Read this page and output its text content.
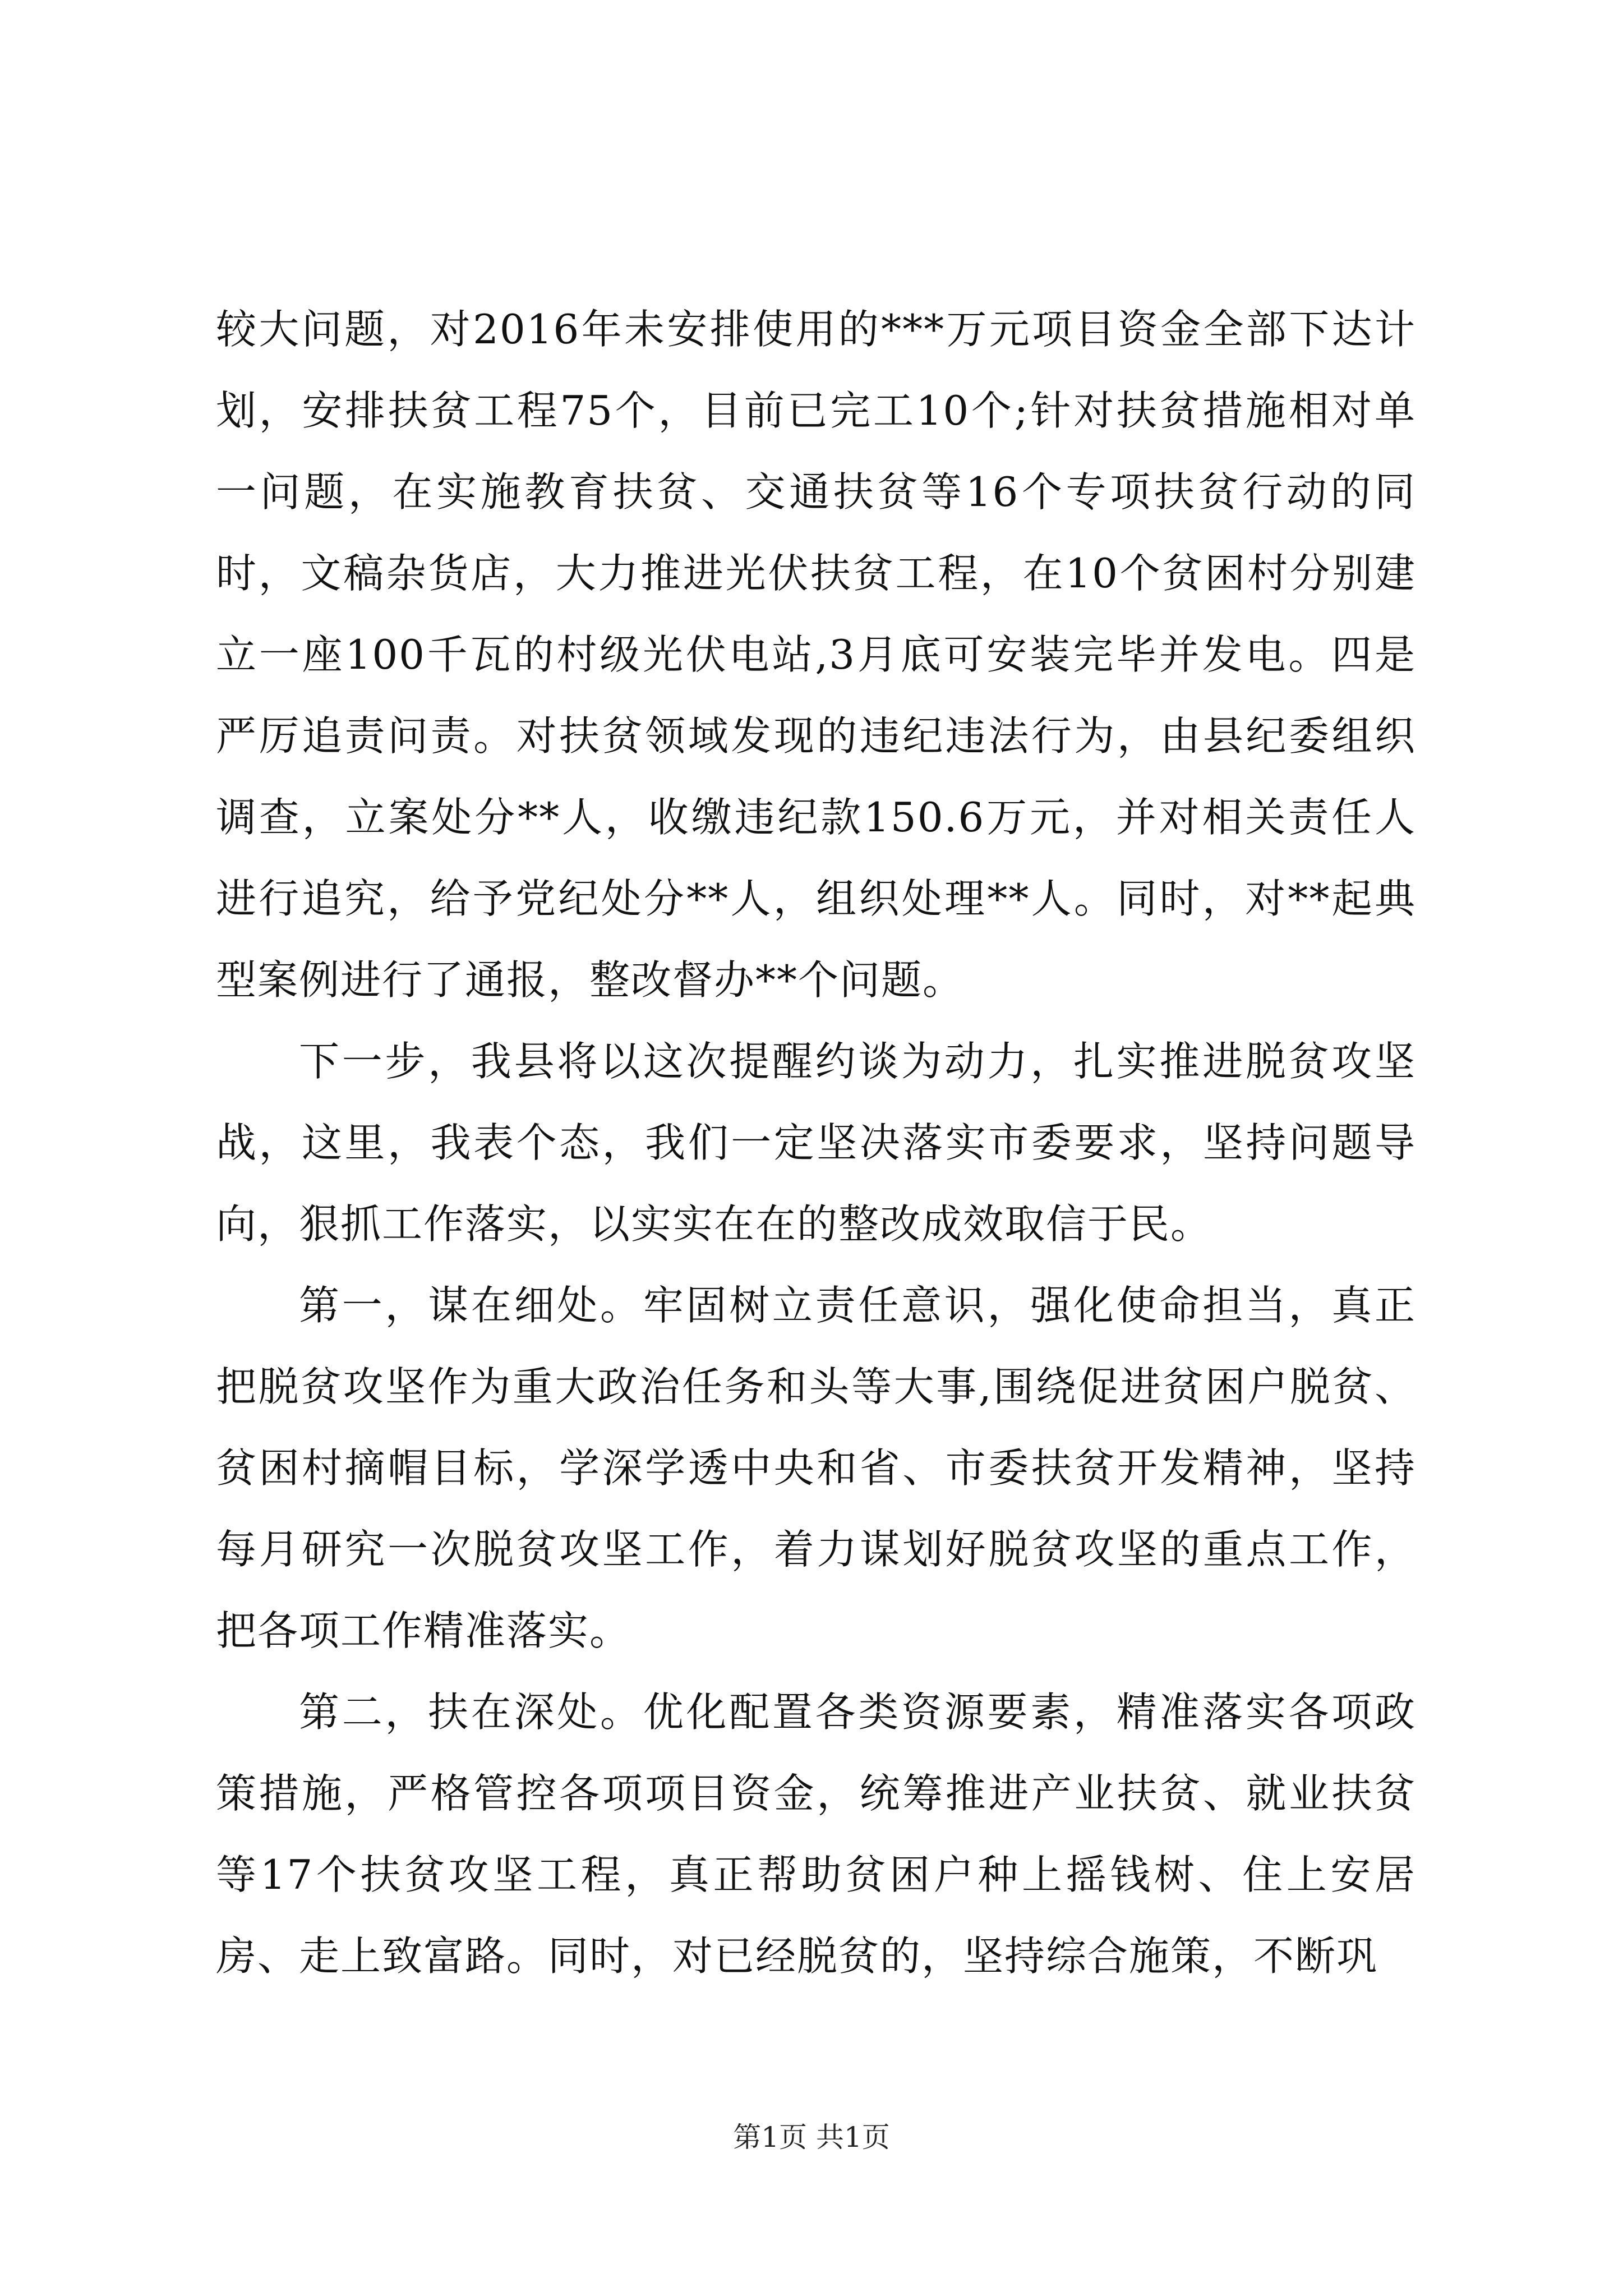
较大问题，对2016年未安排使用的***万元项目资金全部下达计划，安排扶贫工程75个，目前已完工10个;针对扶贫措施相对单一问题，在实施教育扶贫、交通扶贫等16个专项扶贫行动的同时，文稿杂货店，大力推进光伏扶贫工程，在10个贫困村分别建立一座100千瓦的村级光伏电站,3月底可安装完毕并发电。四是严厉追责问责。对扶贫领域发现的违纪违法行为，由县纪委组织调查，立案处分**人，收缴违纪款150.6万元，并对相关责任人进行追究，给予党纪处分**人，组织处理**人。同时，对**起典型案例进行了通报，整改督办**个问题。

下一步，我县将以这次提醒约谈为动力，扎实推进脱贫攻坚战，这里，我表个态，我们一定坚决落实市委要求，坚持问题导向，狠抓工作落实，以实实在在的整改成效取信于民。

第一，谋在细处。牢固树立责任意识，强化使命担当，真正把脱贫攻坚作为重大政治任务和头等大事,围绕促进贫困户脱贫、贫困村摘帽目标，学深学透中央和省、市委扶贫开发精神，坚持每月研究一次脱贫攻坚工作，着力谋划好脱贫攻坚的重点工作，把各项工作精准落实。

第二，扶在深处。优化配置各类资源要素，精准落实各项政策措施，严格管控各项项目资金，统筹推进产业扶贫、就业扶贫等17个扶贫攻坚工程，真正帮助贫困户种上摇钱树、住上安居房、走上致富路。同时，对已经脱贫的，坚持综合施策，不断巩

第1页 共1页
